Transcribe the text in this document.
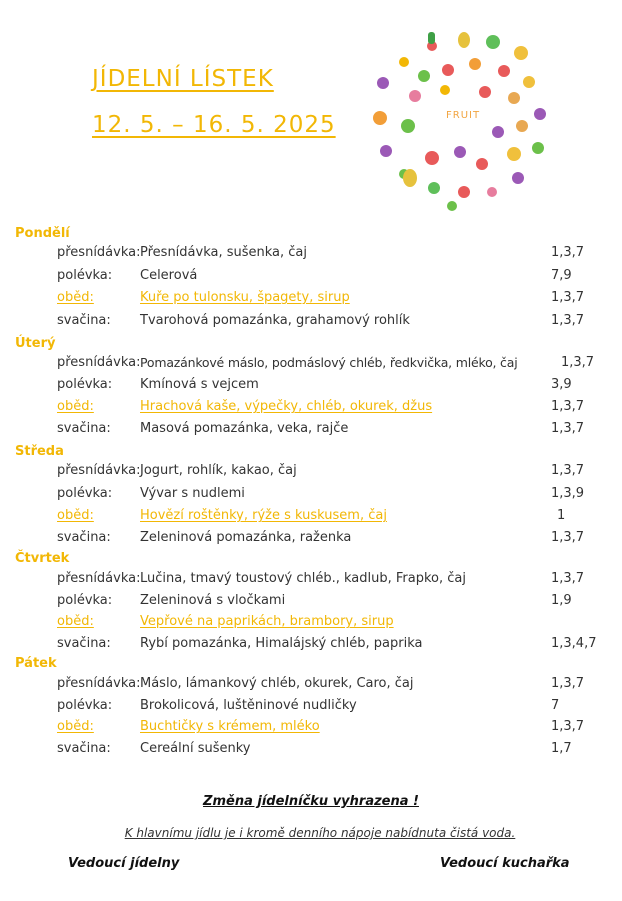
JÍDELNÍ LÍSTEK
12. 5. – 16. 5. 2025	FRUIT
Pondělí
přesnídávka: Přesnídávka, sušenka, čaj	1,3,7
polévka: Celerová	7,9
oběd:	Kuře po tulonsku, špagety, sirup	1,3,7
svačina: Tvarohová pomazánka, grahamový rohlík	1,3,7
Úterý
přesnídávka: Pomazánkové máslo, podmáslový chléb, ředkvička, mléko, čaj	1,3,7
polévka: Kmínová s vejcem	3,9
oběd:	Hrachová kaše, výpečky, chléb, okurek, džus	1,3,7
svačina: Masová pomazánka, veka, rajče	1,3,7
Středa
přesnídávka: Jogurt, rohlík, kakao, čaj	1,3,7
polévka: Vývar s nudlemi	1,3,9
oběd:	Hovězí roštěnky, rýže s kuskusem, čaj	1
svačina: Zeleninová pomazánka, raženka	1,3,7
Čtvrtek
přesnídávka: Lučina, tmavý toustový chléb., kadlub, Frapko, čaj	1,3,7
polévka: Zeleninová s vločkami	1,9
oběd:	Vepřové na paprikách, brambory, sirup
svačina: Rybí pomazánka, Himalájský chléb, paprika	1,3,4,7
Pátek
přesnídávka: Máslo, lámankový chléb, okurek, Caro, čaj	1,3,7
polévka: Brokolicová, luštěninové nudličky	7
oběd:	Buchtičky s krémem, mléko	1,3,7
svačina: Cereální sušenky	1,7
Změna jídelníčku vyhrazena !
K hlavnímu jídlu je i kromě denního nápoje nabídnuta čistá voda.
Vedoucí jídelny	Vedoucí kuchařka
